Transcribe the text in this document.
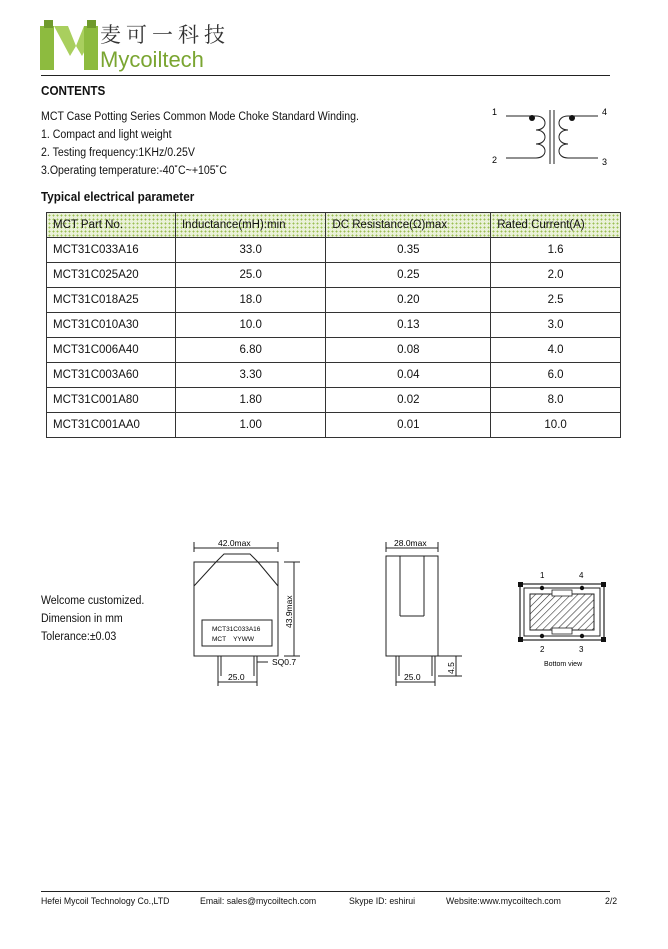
麦可一科技
Mycoiltech
CONTENTS
MCT Case Potting Series Common Mode Choke Standard Winding.
1. Compact and light weight
2. Testing frequency:1KHz/0.25V
3.Operating temperature:-40˚C~+105˚C
1
2	3
4
Typical electrical parameter
MCT Part No.	Inductance(mH):min	DC Resistance(Ω)max	Rated Current(A)
MCT31C033A16	33.0	0.35	1.6
MCT31C025A20	25.0	0.25	2.0
MCT31C018A25	18.0	0.20	2.5
MCT31C010A30	10.0	0.13	3.0
MCT31C006A40	6.80	0.08	4.0
MCT31C003A60	3.30	0.04	6.0
MCT31C001A80	1.80	0.02	8.0
MCT31C001AA0	1.00	0.01	10.0
Welcome customized.
Dimension in mm
Tolerance:±0.03
42.0max
43.9max
MCT31C033A16
MCT    YYWW
SQ0.7
25.0
28.0max
4.5
25.0
1	4
2	3
Bottom view
Hefei Mycoil Technology Co.,LTD	Email: sales@mycoiltech.com	Skype ID: eshirui	Website:www.mycoiltech.com	2/2
